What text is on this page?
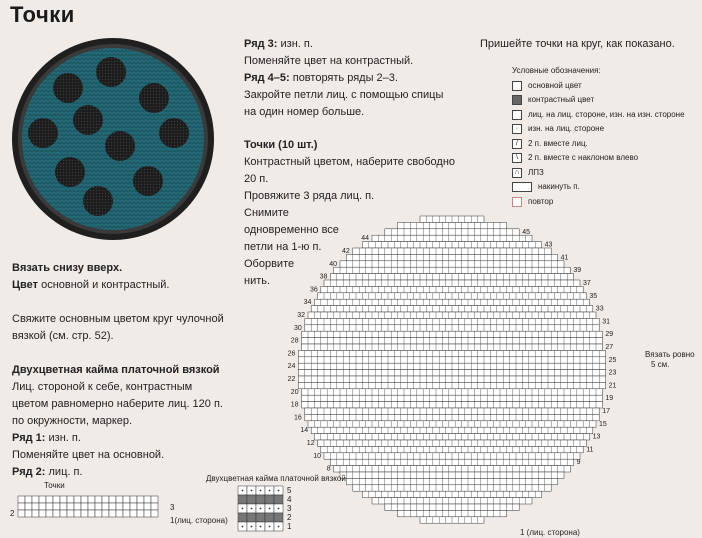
Точки
Вязать снизу вверх.
Цвет основной и контрастный.
Свяжите основным цветом круг чулочной
вязкой (см. стр. 52).
Двухцветная кайма платочной вязкой
Лиц. стороной к себе, контрастным
цветом равномерно наберите лиц. 120 п.
по окружности, маркер.
Ряд 1: изн. п.
Поменяйте цвет на основной.
Ряд 2: лиц. п.
Ряд 3: изн. п.
Поменяйте цвет на контрастный.
Ряд 4–5: повторять ряды 2–3.
Закройте петли лиц. с помощью спицы
на один номер больше.
Точки (10 шт.)
Контрастный цветом, наберите свободно
20 п.
Провяжите 3 ряда лиц. п.
Снимите
одновременно все
петли на 1-ю п.
Оборвите
нить.
Пришейте точки на круг, как показано.
Условные обозначения:
основной цвет
контрастный цвет
лиц. на лиц. стороне, изн. на изн. стороне
·	изн. на лиц. стороне
/	2 п. вместе лиц.
\	2 п. вместе с наклоном влево
∩	ЛПЗ
накинуть п.
повтор
44
42
40
38
36
34
32
30
28
26
24
22
20
18
16
14
12
10
8
45
43
41
39
37
35
33
31
29
27
25
23
21
19
17
15
13
11
9
1 (лиц. сторона)
Вязать ровно
5 см.
Точки
2
3
1(лиц. сторона)
Двухцветная кайма платочной вязкой
5
4
3
2
1
